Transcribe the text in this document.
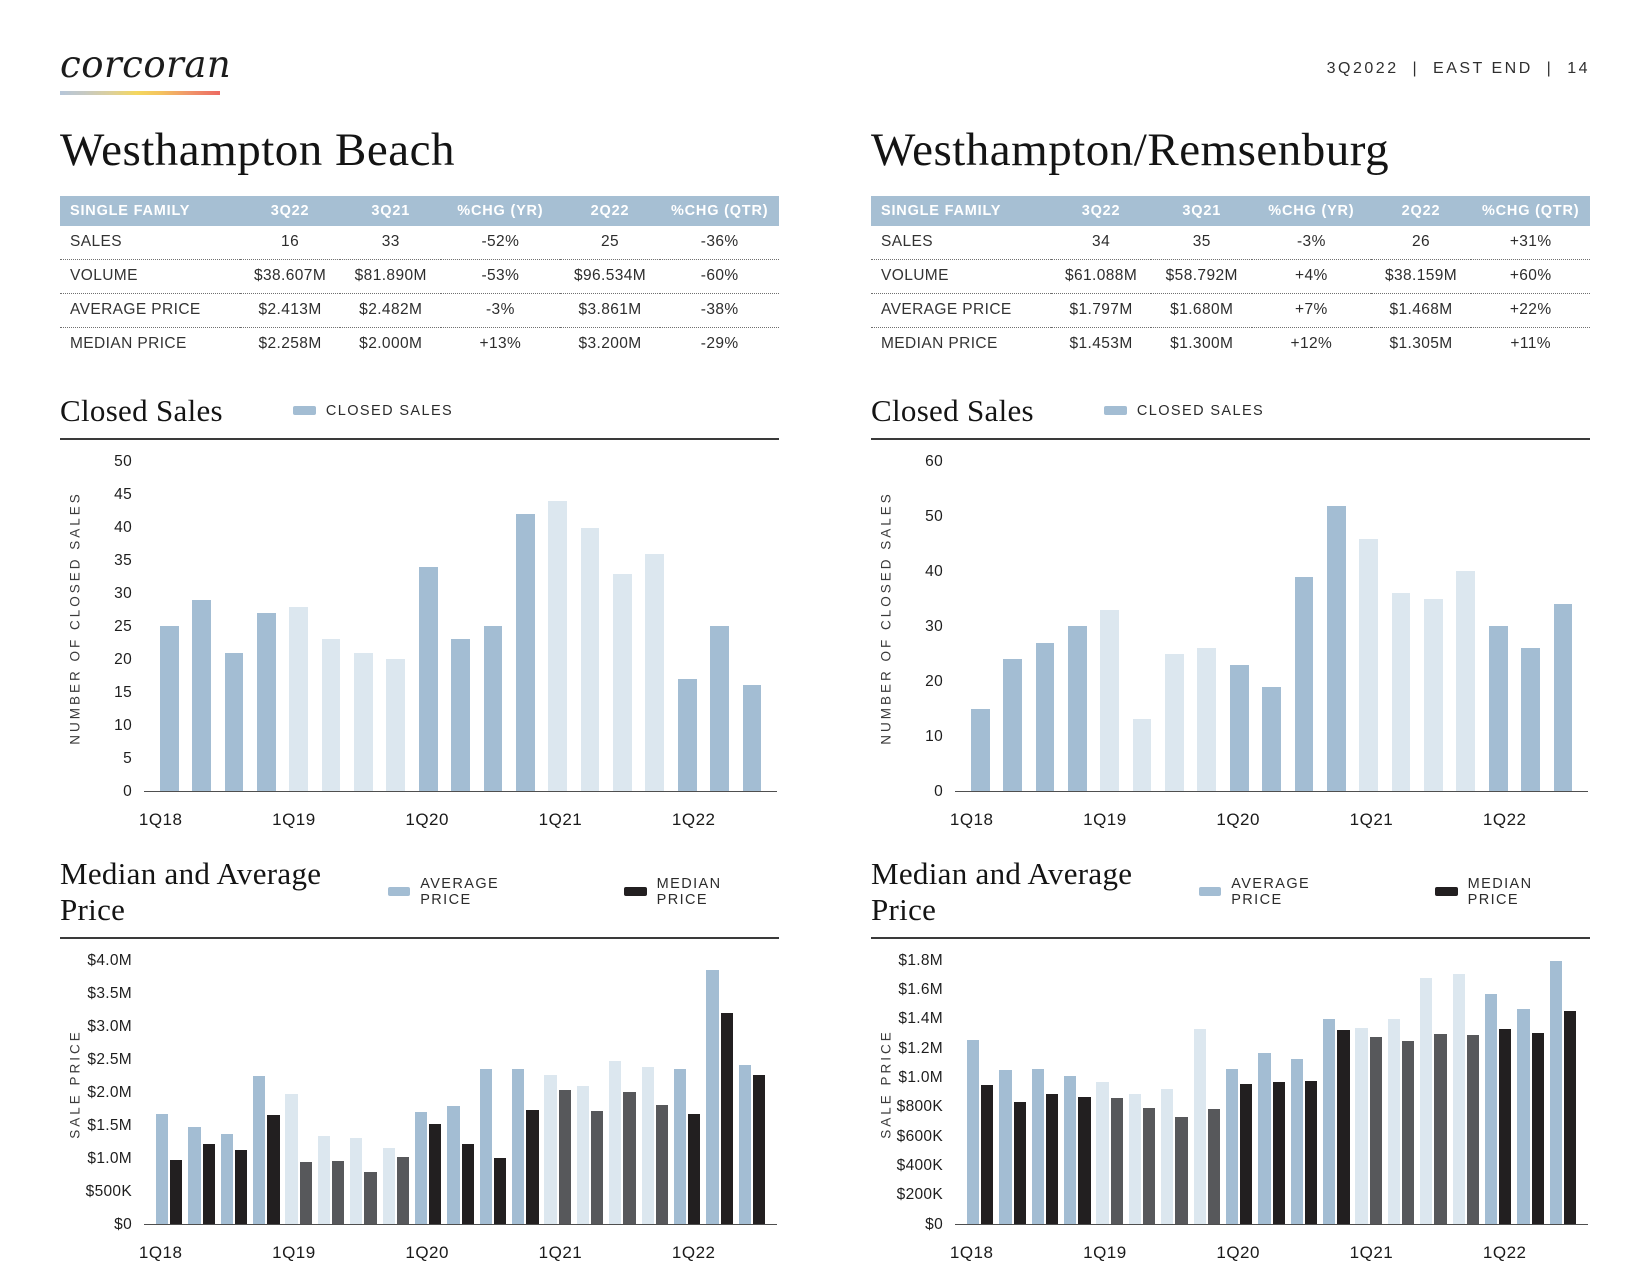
corcoran	3Q2022  |  EAST END  |  14
Westhampton Beach
SINGLE FAMILY	3Q22	3Q21	%CHG (YR)	2Q22	%CHG (QTR)
SALES	16	33	-52%	25	-36%
VOLUME	$38.607M	$81.890M	-53%	$96.534M	-60%
AVERAGE PRICE	$2.413M	$2.482M	-3%	$3.861M	-38%
MEDIAN PRICE	$2.258M	$2.000M	+13%	$3.200M	-29%
Closed Sales	CLOSED SALES
NUMBER OF CLOSED SALES
0
5
10
15
20
25
30
35
40
45
50
1Q18	1Q19	1Q20	1Q21	1Q22
Median and Average Price
AVERAGE PRICE
MEDIAN PRICE
SALE PRICE
$0
$500K
$1.0M
$1.5M
$2.0M
$2.5M
$3.0M
$3.5M
$4.0M
1Q18	1Q19	1Q20	1Q21	1Q22
Westhampton/Remsenburg
SINGLE FAMILY	3Q22	3Q21	%CHG (YR)	2Q22	%CHG (QTR)
SALES	34	35	-3%	26	+31%
VOLUME	$61.088M	$58.792M	+4%	$38.159M	+60%
AVERAGE PRICE	$1.797M	$1.680M	+7%	$1.468M	+22%
MEDIAN PRICE	$1.453M	$1.300M	+12%	$1.305M	+11%
Closed Sales	CLOSED SALES
NUMBER OF CLOSED SALES
0
10
20
30
40
50
60
1Q18	1Q19	1Q20	1Q21	1Q22
Median and Average Price
AVERAGE PRICE
MEDIAN PRICE
SALE PRICE
$0
$200K
$400K
$600K
$800K
$1.0M
$1.2M
$1.4M
$1.6M
$1.8M
1Q18	1Q19	1Q20	1Q21	1Q22
